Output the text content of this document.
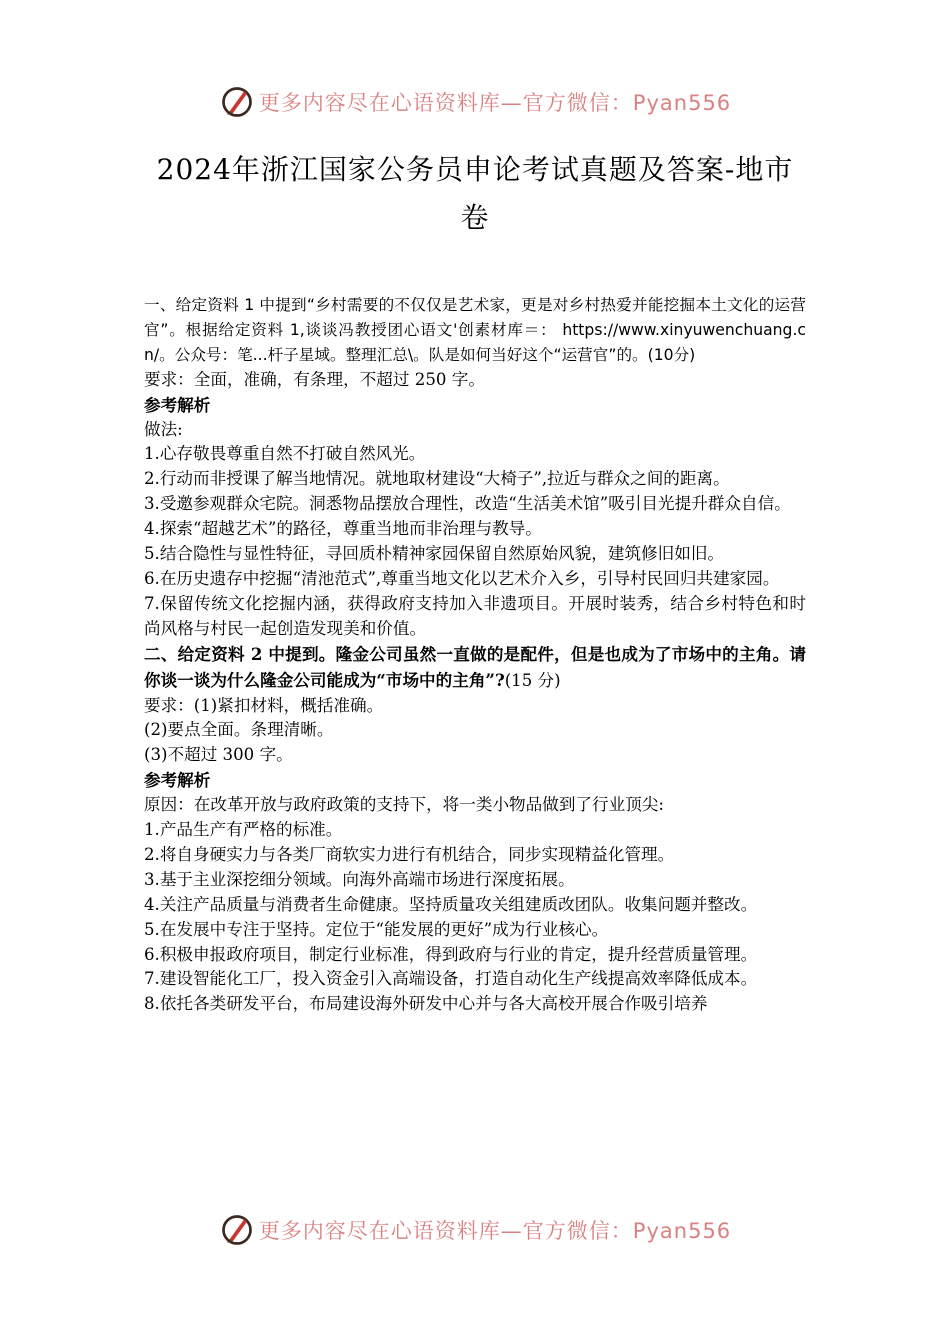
更多内容尽在心语资料库—官方微信：Pyan556
2024年浙江国家公务员申论考试真题及答案-地市
卷

一、给定资料 1 中提到“乡村需要的不仅仅是艺术家，更是对乡村热爱并能挖掘本土文化的运营官”。根据给定资料 1,谈谈冯教授团心语文'创素材库＝： https://www.xinyuwenchuang.cn/。公众号：笔...杆子星域。整理汇总\。队是如何当好这个“运营官”的。(10分)

要求：全面，准确，有条理，不超过 250 字。

参考解析

做法:

1.心存敬畏尊重自然不打破自然风光。

2.行动而非授课了解当地情况。就地取材建设“大椅子”,拉近与群众之间的距离。

3.受邀参观群众宅院。洞悉物品摆放合理性，改造“生活美术馆”吸引目光提升群众自信。

4.探索“超越艺术”的路径，尊重当地而非治理与教导。

5.结合隐性与显性特征，寻回质朴精神家园保留自然原始风貌，建筑修旧如旧。

6.在历史遗存中挖掘“清池范式”,尊重当地文化以艺术介入乡，引导村民回归共建家园。

7.保留传统文化挖掘内涵，获得政府支持加入非遗项目。开展时装秀，结合乡村特色和时尚风格与村民一起创造发现美和价值。

二、给定资料 2 中提到。隆金公司虽然一直做的是配件，但是也成为了市场中的主角。请你谈一谈为什么隆金公司能成为“市场中的主角”?(15 分)

要求：(1)紧扣材料，概括准确。

(2)要点全面。条理清晰。

(3)不超过 300 字。

参考解析

原因：在改革开放与政府政策的支持下，将一类小物品做到了行业顶尖:

1.产品生产有严格的标准。

2.将自身硬实力与各类厂商软实力进行有机结合，同步实现精益化管理。

3.基于主业深挖细分领域。向海外高端市场进行深度拓展。

4.关注产品质量与消费者生命健康。坚持质量攻关组建质改团队。收集问题并整改。

5.在发展中专注于坚持。定位于“能发展的更好”成为行业核心。

6.积极申报政府项目，制定行业标准，得到政府与行业的肯定，提升经营质量管理。

7.建设智能化工厂，投入资金引入高端设备，打造自动化生产线提高效率降低成本。

8.依托各类研发平台，布局建设海外研发中心并与各大高校开展合作吸引培养

更多内容尽在心语资料库—官方微信：Pyan556
